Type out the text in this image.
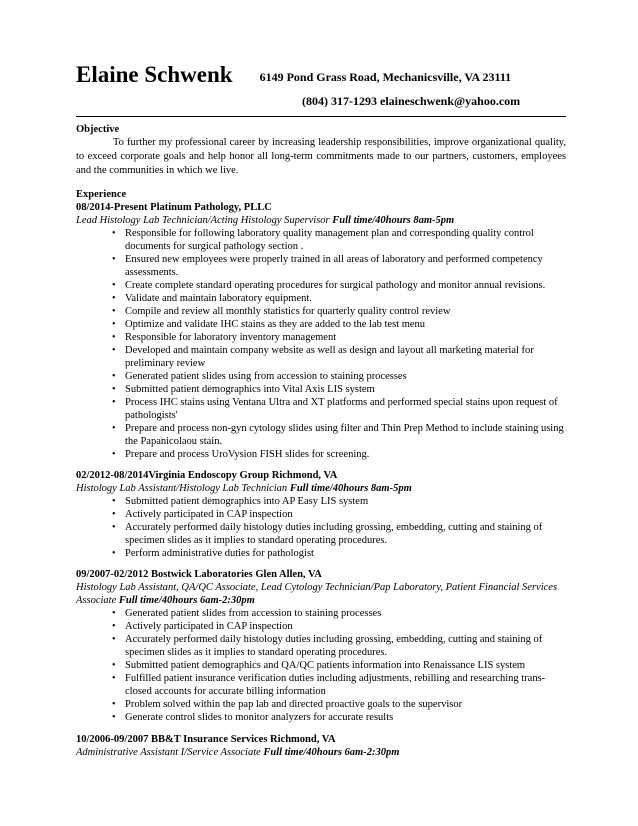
Elaine Schwenk 6149 Pond Grass Road, Mechanicsville, VA 23111
(804) 317-1293 elaineschwenk@yahoo.com

Objective

To further my professional career by increasing leadership responsibilities, improve organizational quality, to exceed corporate goals and help honor all long-term commitments made to our partners, customers, employees and the communities in which we live.

Experience

08/2014-Present Platinum Pathology, PLLC

Lead Histology Lab Technician/Acting Histology Supervisor Full time/40hours 8am-5pm

• Responsible for following laboratory quality management plan and corresponding quality control documents for surgical pathology section .
• Ensured new employees were properly trained in all areas of laboratory and performed competency assessments.
• Create complete standard operating procedures for surgical pathology and monitor annual revisions.
• Validate and maintain laboratory equipment.
• Compile and review all monthly statistics for quarterly quality control review
• Optimize and validate IHC stains as they are added to the lab test menu
• Responsible for laboratory inventory management
• Developed and maintain company website as well as design and layout all marketing material for preliminary review
• Generated patient slides using from accession to staining processes
• Submitted patient demographics into Vital Axis LIS system
• Process IHC stains using Ventana Ultra and XT platforms and performed special stains upon request of pathologists'
• Prepare and process non-gyn cytology slides using filter and Thin Prep Method to include staining using the Papanicolaou stain.
• Prepare and process UroVysion FISH slides for screening.

02/2012-08/2014Virginia Endoscopy Group Richmond, VA

Histology Lab Assistant/Histology Lab Technician Full time/40hours 8am-5pm

• Submitted patient demographics into AP Easy LIS system
• Actively participated in CAP inspection
• Accurately performed daily histology duties including grossing, embedding, cutting and staining of specimen slides as it implies to standard operating procedures.
• Perform administrative duties for pathologist

09/2007-02/2012 Bostwick Laboratories Glen Allen, VA

Histology Lab Assistant, QA/QC Associate, Lead Cytology Technician/Pap Laboratory, Patient Financial Services Associate Full time/40hours 6am-2:30pm

• Generated patient slides from accession to staining processes
• Actively participated in CAP inspection
• Accurately performed daily histology duties including grossing, embedding, cutting and staining of specimen slides as it implies to standard operating procedures.
• Submitted patient demographics and QA/QC patients information into Renaissance LIS system
• Fulfilled patient insurance verification duties including adjustments, rebilling and researching trans-closed accounts for accurate billing information
• Problem solved within the pap lab and directed proactive goals to the supervisor
• Generate control slides to monitor analyzers for accurate results

10/2006-09/2007 BB&T Insurance Services Richmond, VA

Administrative Assistant I/Service Associate Full time/40hours 6am-2:30pm
